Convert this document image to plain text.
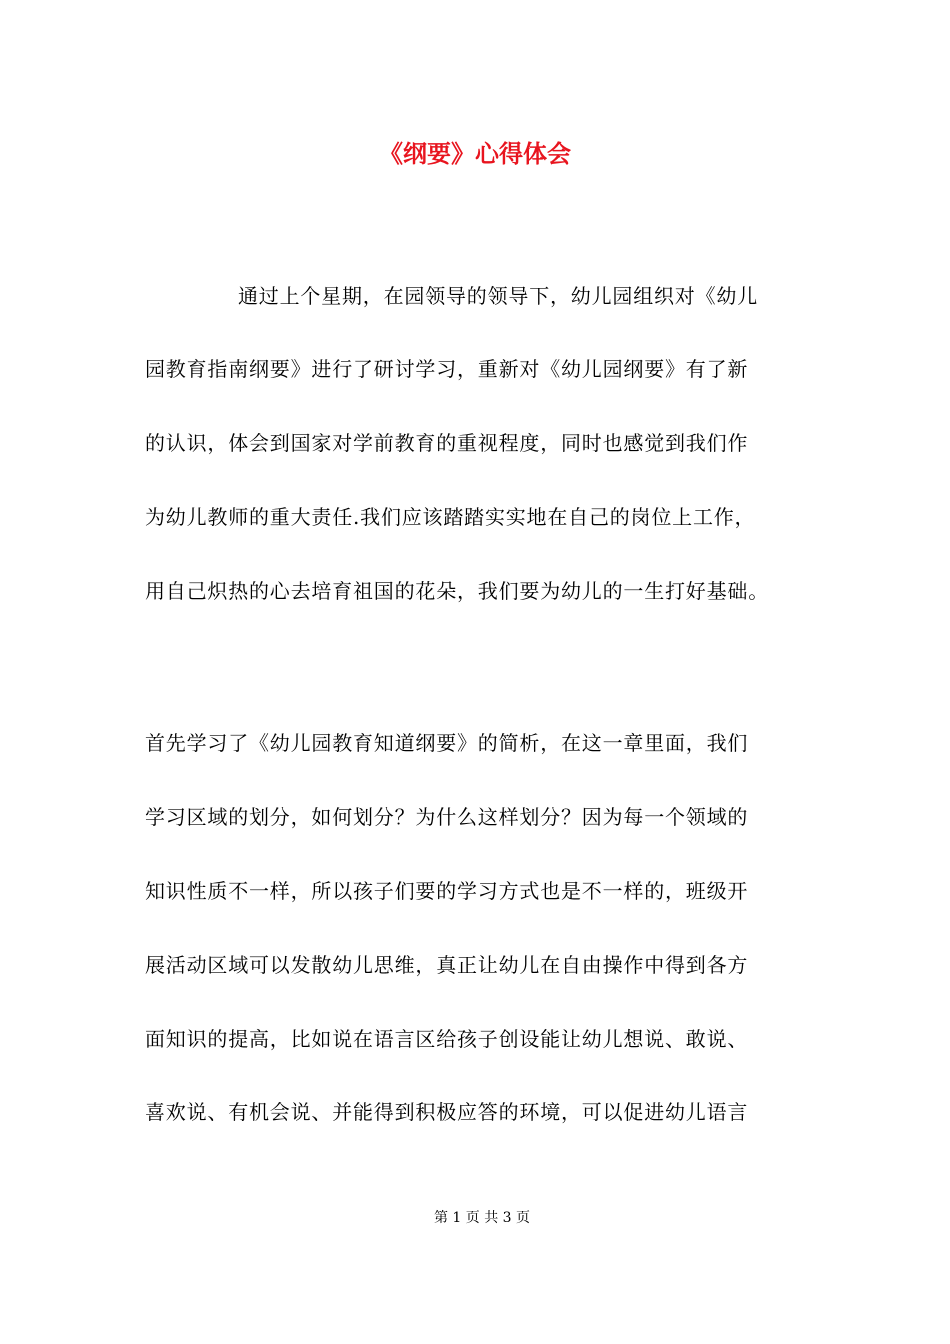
《纲要》心得体会
通过上个星期，在园领导的领导下，幼儿园组织对《幼儿
园教育指南纲要》进行了研讨学习，重新对《幼儿园纲要》有了新
的认识，体会到国家对学前教育的重视程度，同时也感觉到我们作
为幼儿教师的重大责任.我们应该踏踏实实地在自己的岗位上工作，
用自己炽热的心去培育祖国的花朵，我们要为幼儿的一生打好基础。
首先学习了《幼儿园教育知道纲要》的简析，在这一章里面，我们
学习区域的划分，如何划分？为什么这样划分？因为每一个领域的
知识性质不一样，所以孩子们要的学习方式也是不一样的，班级开
展活动区域可以发散幼儿思维，真正让幼儿在自由操作中得到各方
面知识的提高，比如说在语言区给孩子创设能让幼儿想说、敢说、
喜欢说、有机会说、并能得到积极应答的环境，可以促进幼儿语言
第 1 页 共 3 页
